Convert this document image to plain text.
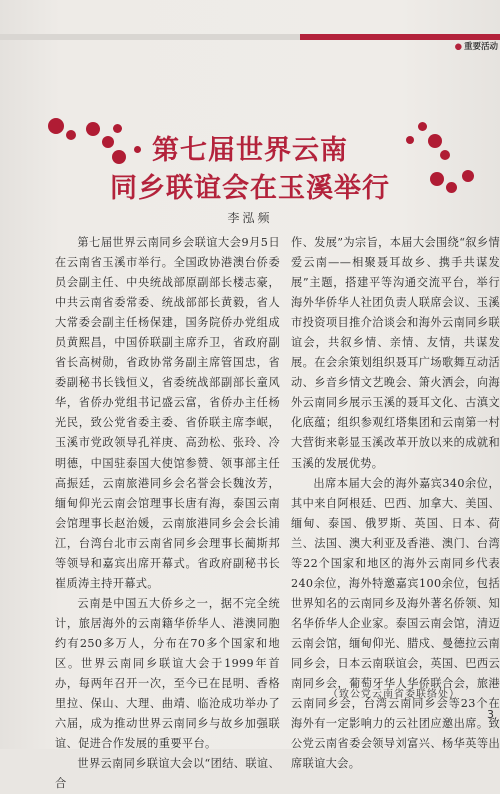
● 重要活动
第七届世界云南
同乡联谊会在玉溪举行
李泓频

第七届世界云南同乡会联谊大会9月5日在云南省玉溪市举行。全国政协港澳台侨委员会副主任、中央统战部原副部长楼志豪，中共云南省委常委、统战部部长黄毅，省人大常委会副主任杨保建，国务院侨办党组成员黄熙昌，中国侨联副主席乔卫，省政府副省长高树勋，省政协常务副主席管国忠，省委副秘书长钱恒义，省委统战部副部长童风华，省侨办党组书记盛云富，省侨办主任杨光民，致公党省委主委、省侨联主席李岷，玉溪市党政领导孔祥庚、高劲松、张玲、冷明德，中国驻泰国大使馆参赞、领事部主任高振廷，云南旅港同乡会名誉会长魏汝芳，缅甸仰光云南会馆理事长唐有海，泰国云南会馆理事长赵治媛，云南旅港同乡会会长浦江，台湾台北市云南省同乡会理事长蔺斯邦等领导和嘉宾出席开幕式。省政府副秘书长崔质涛主持开幕式。

云南是中国五大侨乡之一，据不完全统计，旅居海外的云南籍华侨华人、港澳同胞约有250多万人，分布在70多个国家和地区。世界云南同乡联谊大会于1999年首办，每两年召开一次，至今已在昆明、香格里拉、保山、大理、曲靖、临沧成功举办了六届，成为推动世界云南同乡与故乡加强联谊、促进合作发展的重要平台。

世界云南同乡联谊大会以“团结、联谊、合

作、发展”为宗旨，本届大会围绕“叙乡情 爱云南——相聚聂耳故乡、携手共谋发展”主题，搭建平等沟通交流平台，举行海外华侨华人社团负责人联席会议、玉溪市投资项目推介洽谈会和海外云南同乡联谊会，共叙乡情、亲情、友情，共谋发展。在会余策划组织聂耳广场歌舞互动活动、乡音乡情文艺晚会、箫火洒会，向海外云南同乡展示玉溪的聂耳文化、古滇文化底蕴；组织参观红塔集团和云南第一村大营街来彰显玉溪改革开放以来的成就和玉溪的发展优势。

出席本届大会的海外嘉宾340余位，其中来自阿根廷、巴西、加拿大、美国、缅甸、泰国、俄罗斯、英国、日本、荷兰、法国、澳大利亚及香港、澳门、台湾等22个国家和地区的海外云南同乡代表240余位，海外特邀嘉宾100余位，包括世界知名的云南同乡及海外著名侨领、知名华侨华人企业家。泰国云南会馆，清迈云南会馆，缅甸仰光、腊戍、曼德拉云南同乡会，日本云南联谊会，英国、巴西云南同乡会，葡萄牙华人华侨联合会，旅港云南同乡会，台湾云南同乡会等23个在海外有一定影响力的云社团应邀出席。致公党云南省委会领导刘富兴、杨华英等出席联谊大会。

（致公党云南省委联络处）
3
